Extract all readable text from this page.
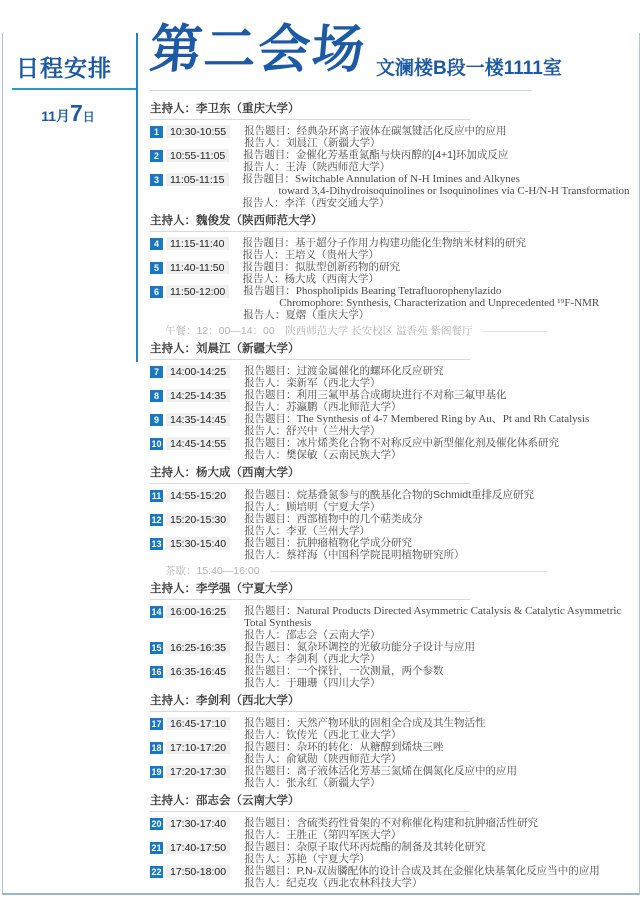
日程安排
11月7日
第二会场 文澜楼B段一楼1111室
主持人：李卫东（重庆大学）
1	10:30-10:55	报告题目：经典杂环离子液体在碳氢键活化反应中的应用
报告人：刘晨江（新疆大学）
2	10:55-11:05	报告题目：金催化芳基重氮酯与炔丙醇的[4+1]环加成反应
报告人：王涛（陕西师范大学）
3	11:05-11:15	报告题目：Switchable Annulation of N-H Imines and Alkynes
toward 3,4-Dihydroisoquinolines or Isoquinolines via C-H/N-H Transformation
报告人：李洋（西安交通大学）
主持人：魏俊发（陕西师范大学）
4	11:15-11:40	报告题目：基于超分子作用力构建功能化生物纳米材料的研究
报告人：王培义（贵州大学）
5	11:40-11:50	报告题目：拟肽型创新药物的研究
报告人：杨大成（西南大学）
6	11:50-12:00	报告题目：Phospholipids Bearing Tetrafluorophenylazido
Chromophore: Synthesis, Characterization and Unprecedented ¹⁹F-NMR
报告人：夏熠（重庆大学）
午餐：12：00—14：00　陕西师范大学 长安校区 溢香苑 紫阁餐厅
主持人：刘晨江（新疆大学）
7	14:00-14:25	报告题目：过渡金属催化的螺环化反应研究
报告人：栾新军（西北大学）
8	14:25-14:35	报告题目：利用三氟甲基合成砌块进行不对称三氟甲基化
报告人：苏瀛鹏（西北师范大学）
9	14:35-14:45	报告题目：The Synthesis of 4-7 Membered Ring by Au、Pt and Rh Catalysis
报告人：舒兴中（兰州大学）
10 14:45-14:55	报告题目：冰片烯类化合物不对称反应中新型催化剂及催化体系研究
报告人：樊保敏（云南民族大学）
主持人：杨大成（西南大学）
11 14:55-15:20	报告题目：烷基叠氮参与的酰基化合物的Schmidt重排反应研究
报告人：顾培明（宁夏大学）
12 15:20-15:30	报告题目：西部植物中的几个萜类成分
报告人：李亚（兰州大学）
13 15:30-15:40	报告题目：抗肿瘤植物化学成分研究
报告人：蔡祥海（中国科学院昆明植物研究所）
茶歇：15:40—16:00
主持人：李学强（宁夏大学）
14 16:00-16:25	报告题目：Natural Products Directed Asymmetric Catalysis & Catalytic Asymmetric Total Synthesis
报告人：邵志会（云南大学）
15 16:25-16:35	报告题目：氮杂环调控的光敏功能分子设计与应用
报告人：李剑利（西北大学）
16 16:35-16:45	报告题目：一个探针，一次测量，两个参数
报告人：于珊珊（四川大学）
主持人：李剑利（西北大学）
17 16:45-17:10	报告题目：天然产物环肽的固相全合成及其生物活性
报告人：钦传光（西北工业大学）
18 17:10-17:20	报告题目：杂环的转化：从糖醇到烯炔三唑
报告人：俞斌勋（陕西师范大学）
19 17:20-17:30	报告题目：离子液体活化芳基三氮烯在偶氮化反应中的应用
报告人：张永红（新疆大学）
主持人：邵志会（云南大学）
20 17:30-17:40	报告题目：含硫类药性骨架的不对称催化构建和抗肿瘤活性研究
报告人：王胜正（第四军医大学）
21 17:40-17:50	报告题目：杂原子取代环丙烷酯的制备及其转化研究
报告人：苏艳（宁夏大学）
22 17:50-18:00	报告题目：P,N-双齿膦配体的设计合成及其在金催化炔基氧化反应当中的应用
报告人：纪克攻（西北农林科技大学）
